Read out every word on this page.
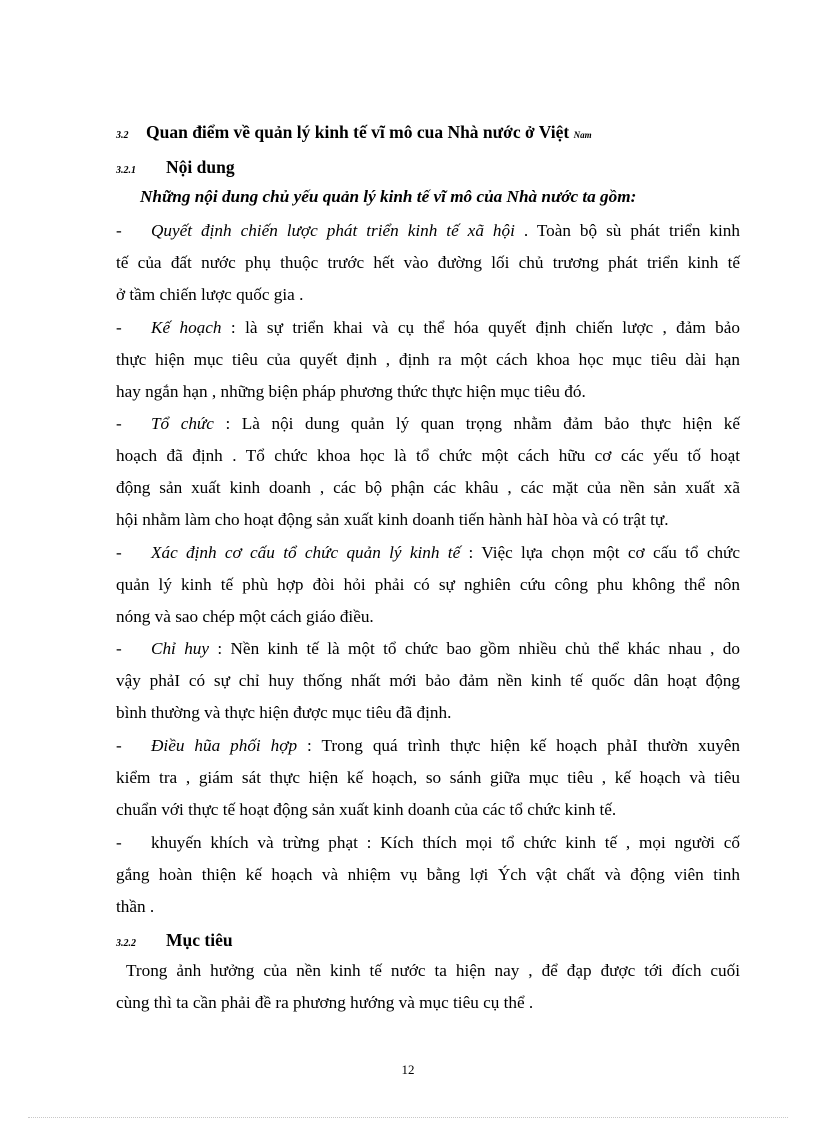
3.2 Quan điểm về quản lý kinh tế vĩ mô cua Nhà nước ở Việt Nam
3.2.1 Nội dung
Những nội dung chủ yếu quản lý kinh tế vĩ mô của Nhà nước ta gồm:
- Quyết định chiến lược phát triển kinh tế xã hội . Toàn bộ sù phát triển kinh
tế của đất nước phụ thuộc trước hết vào đường lối chủ trương phát triển kinh tế
ở tầm chiến lược quốc gia .
- Kế hoạch : là sự triển khai và cụ thể hóa quyết định chiến lược , đảm bảo
thực hiện mục tiêu của quyết định , định ra một cách khoa học mục tiêu dài hạn
hay ngắn hạn , những biện pháp phương thức thực hiện mục tiêu đó.
- Tổ chức : Là nội dung quản lý quan trọng nhằm đảm bảo thực hiện kế
hoạch đã định . Tổ chức khoa học là tổ chức một cách hữu cơ các yếu tố hoạt
động sản xuất kinh doanh , các bộ phận các khâu , các mặt của nền sản xuất xã
hội nhằm làm cho hoạt động sản xuất kinh doanh tiến hành hàI hòa và có trật tự.
- Xác định cơ cấu tổ chức quản lý kinh tế : Việc lựa chọn một cơ cấu tổ chức
quản lý kinh tế phù hợp đòi hỏi phải có sự nghiên cứu công phu không thể nôn
nóng và sao chép một cách giáo điều.
- Chỉ huy : Nền kinh tế là một tổ chức bao gồm nhiều chủ thể khác nhau , do
vậy phảI có sự chỉ huy thống nhất mới bảo đảm nền kinh tế quốc dân hoạt động
bình thường và thực hiện được mục tiêu đã định.
- Điều hũa phối hợp : Trong quá trình thực hiện kế hoạch phảI thườn xuyên
kiểm tra , giám sát thực hiện kế hoạch, so sánh giữa mục tiêu , kế hoạch và tiêu
chuẩn với thực tế hoạt động sản xuất kinh doanh của các tổ chức kinh tế.
- khuyến khích và trừng phạt : Kích thích mọi tổ chức kinh tế , mọi người cố
gắng hoàn thiện kế hoạch và nhiệm vụ bằng lợi Ých vật chất và động viên tinh
thần .
3.2.2 Mục tiêu
Trong ảnh hưởng của nền kinh tế nước ta hiện nay , để đạp được tới đích cuối
cùng thì ta cần phải đề ra phương hướng và mục tiêu cụ thể .
12
